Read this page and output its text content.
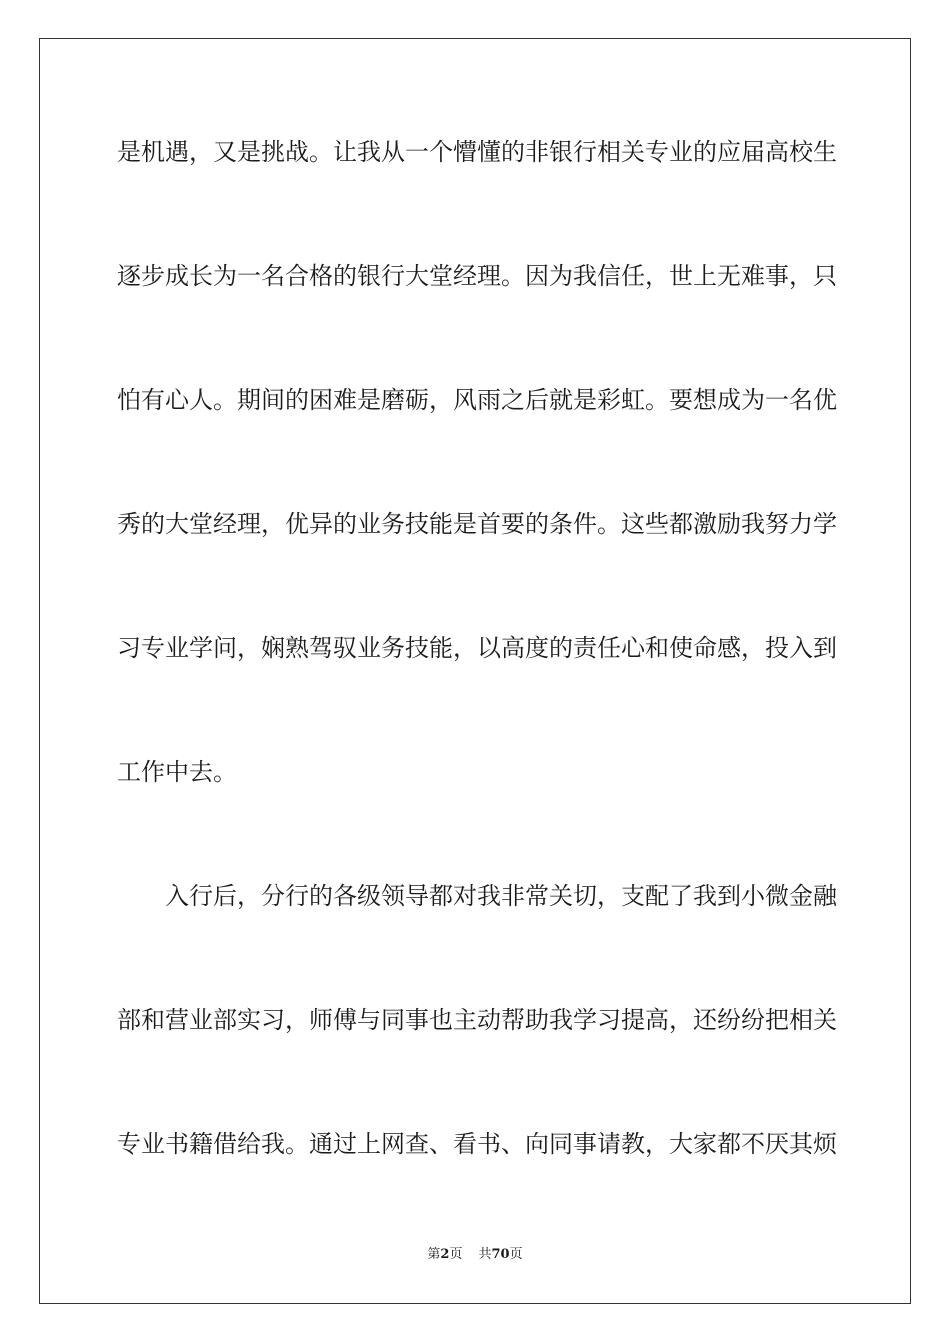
是机遇，又是挑战。让我从一个懵懂的非银行相关专业的应届高校生
逐步成长为一名合格的银行大堂经理。因为我信任，世上无难事，只
怕有心人。期间的困难是磨砺，风雨之后就是彩虹。要想成为一名优
秀的大堂经理，优异的业务技能是首要的条件。这些都激励我努力学
习专业学问，娴熟驾驭业务技能，以高度的责任心和使命感，投入到
工作中去。
入行后，分行的各级领导都对我非常关切，支配了我到小微金融
部和营业部实习，师傅与同事也主动帮助我学习提高，还纷纷把相关
专业书籍借给我。通过上网查、看书、向同事请教，大家都不厌其烦
第2页 共70页
